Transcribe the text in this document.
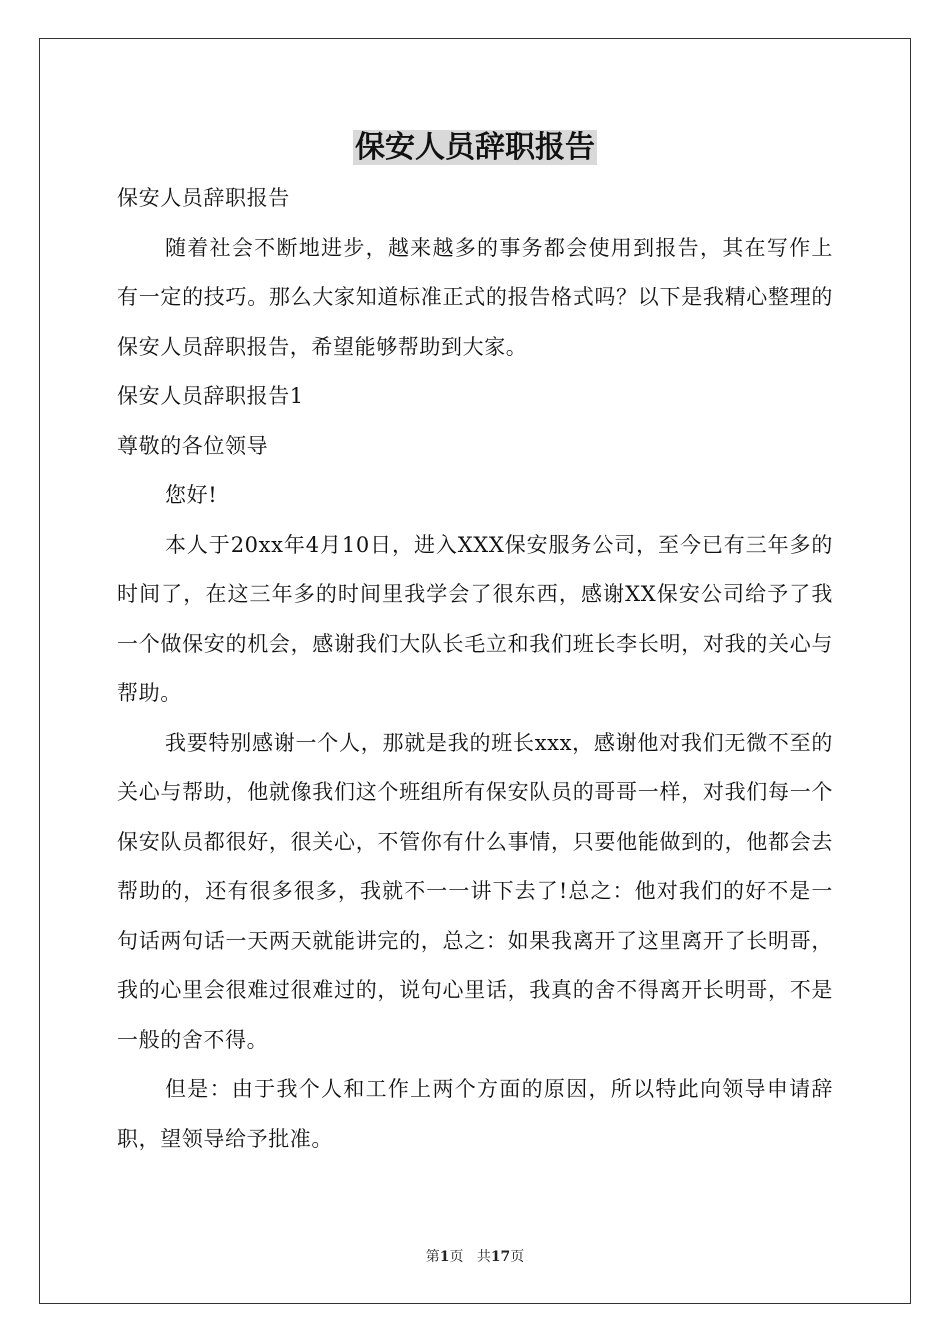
保安人员辞职报告

保安人员辞职报告

随着社会不断地进步，越来越多的事务都会使用到报告，其在写作上有一定的技巧。那么大家知道标准正式的报告格式吗？以下是我精心整理的保安人员辞职报告，希望能够帮助到大家。

保安人员辞职报告1

尊敬的各位领导

您好!

本人于20xx年4月10日，进入XXX保安服务公司，至今已有三年多的时间了，在这三年多的时间里我学会了很东西，感谢XX保安公司给予了我一个做保安的机会，感谢我们大队长毛立和我们班长李长明，对我的关心与帮助。

我要特别感谢一个人，那就是我的班长xxx，感谢他对我们无微不至的关心与帮助，他就像我们这个班组所有保安队员的哥哥一样，对我们每一个保安队员都很好，很关心，不管你有什么事情，只要他能做到的，他都会去帮助的，还有很多很多，我就不一一讲下去了!总之：他对我们的好不是一句话两句话一天两天就能讲完的，总之：如果我离开了这里离开了长明哥，我的心里会很难过很难过的，说句心里话，我真的舍不得离开长明哥，不是一般的舍不得。

但是：由于我个人和工作上两个方面的原因，所以特此向领导申请辞职，望领导给予批准。

第1页 共17页
